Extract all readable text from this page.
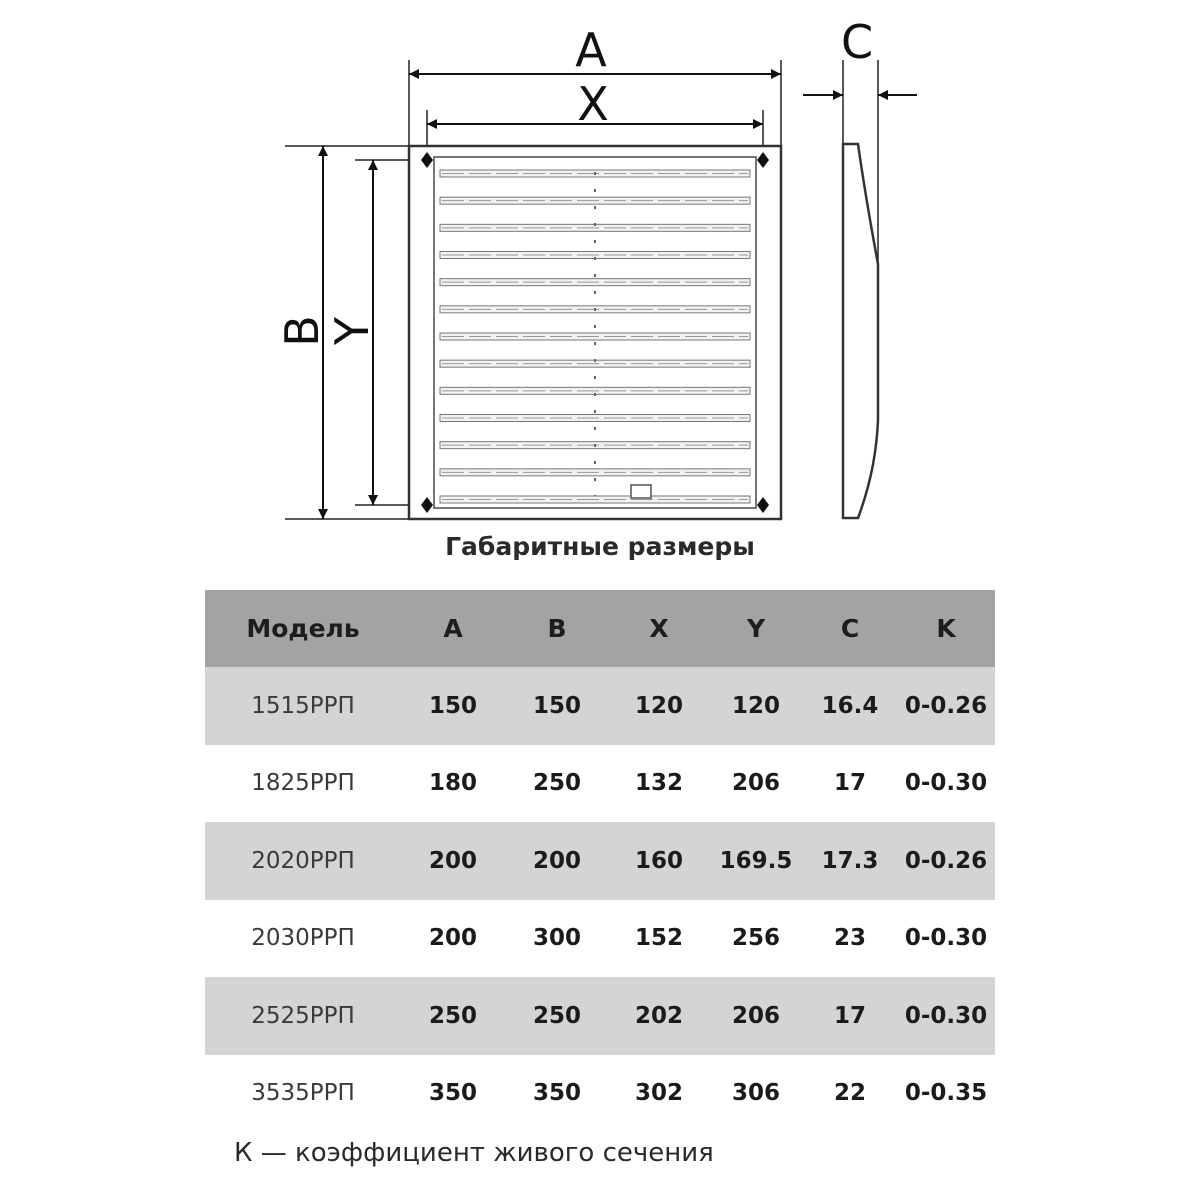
A
X
C
B
Y
Габаритные размеры
Модель	A	B	X	Y	C	K
1515РРП	150	150	120	120	16.4	0-0.26
1825РРП	180	250	132	206	17	0-0.30
2020РРП	200	200	160	169.5	17.3	0-0.26
2030РРП	200	300	152	256	23	0-0.30
2525РРП	250	250	202	206	17	0-0.30
3535РРП	350	350	302	306	22	0-0.35
К — коэффициент живого сечения
